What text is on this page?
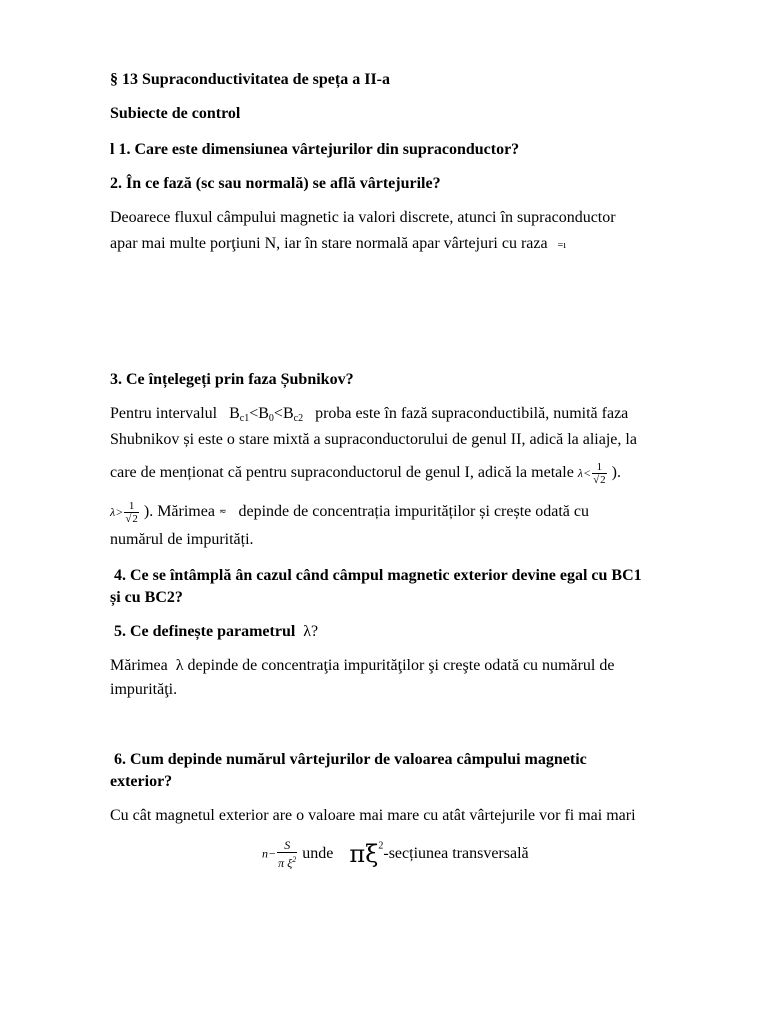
§ 13 Supraconductivitatea de speța a II-a
Subiecte de control
l 1. Care este dimensiunea vârtejurilor din supraconductor?
2. În ce fază (sc sau normală) se află vârtejurile?
Deoarece fluxul câmpului magnetic ia valori discrete, atunci în supraconductor
apar mai multe porţiuni N, iar în stare normală apar vârtejuri cu raza =ı
3. Ce înțelegeți prin faza Șubnikov?
Pentru intervalul $B_{c1}<B_0<B_{c2}$ proba este în fază supraconductibilă, numită faza
Shubnikov și este o stare mixtă a supraconductorului de genul II, adică la aliaje, la
care de menționat că pentru supraconductorul de genul I, adică la metale $\lambda< \frac{1}{√2}$ ).
$\lambda> \frac{1}{√2}$ ). Mărimea ≂ depinde de concentrația impurităților și crește odată cu
numărul de impurități.
4. Ce se întâmplă ân cazul când câmpul magnetic exterior devine egal cu BC1
și cu BC2?
5. Ce definește parametrul λ?
Mărimea λ depinde de concentraţia impurităţilor şi creşte odată cu numărul de
impurităţi.
6. Cum depinde numărul vârtejurilor de valoarea câmpului magnetic
exterior?
Cu cât magnetul exterior are o valoare mai mare cu atât vârtejurile vor fi mai mari
$n- \frac{S}{\pi \xi^2}$ unde $\pi\xi^2$-secțiunea transversală
